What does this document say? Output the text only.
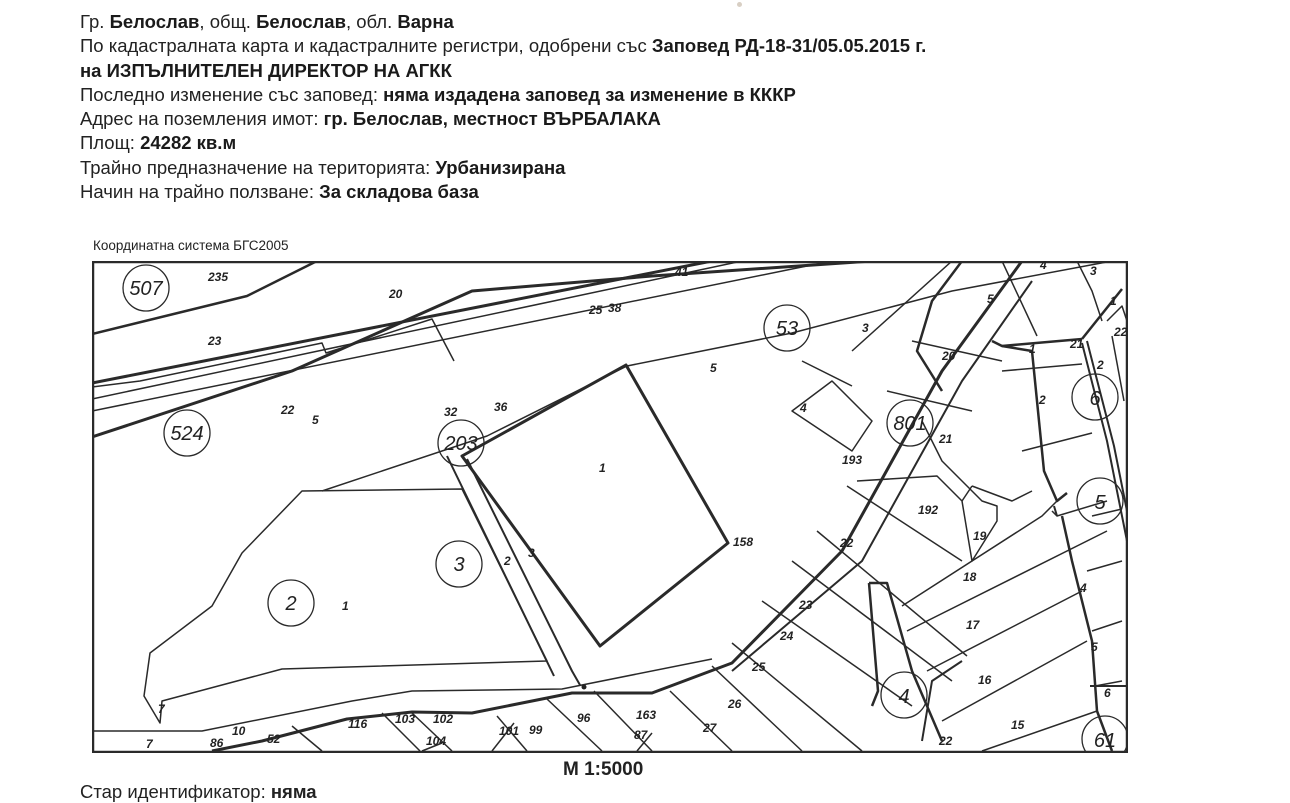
Гр. Белослав, общ. Белослав, обл. Варна
По кадастралната карта и кадастралните регистри, одобрени със Заповед РД-18-31/05.05.2015 г.
на ИЗПЪЛНИТЕЛЕН ДИРЕКТОР НА АГКК
Последно изменение със заповед: няма издадена заповед за изменение в КККР
Адрес на поземления имот: гр. Белослав, местност ВЪРБАЛАКА
Площ: 24282 кв.м
Трайно предназначение на територията: Урбанизирана
Начин на трайно ползване: За складова база
Координатна система БГС2005
507
524	203
53
801
6
5
3
2
4
61
235
20
23
22
5
32	36
25 38
41
1
2
3
5
4
3
193
192
22
21
20
2
1	21
2
22
1
5
4	3
4
5
6
19
18
17
16
15
22
23
24
25
26
27
163
87
96
99
101
102
103
104
116
52
10
86
7
7
1
158
М 1:5000
Стар идентификатор: няма
